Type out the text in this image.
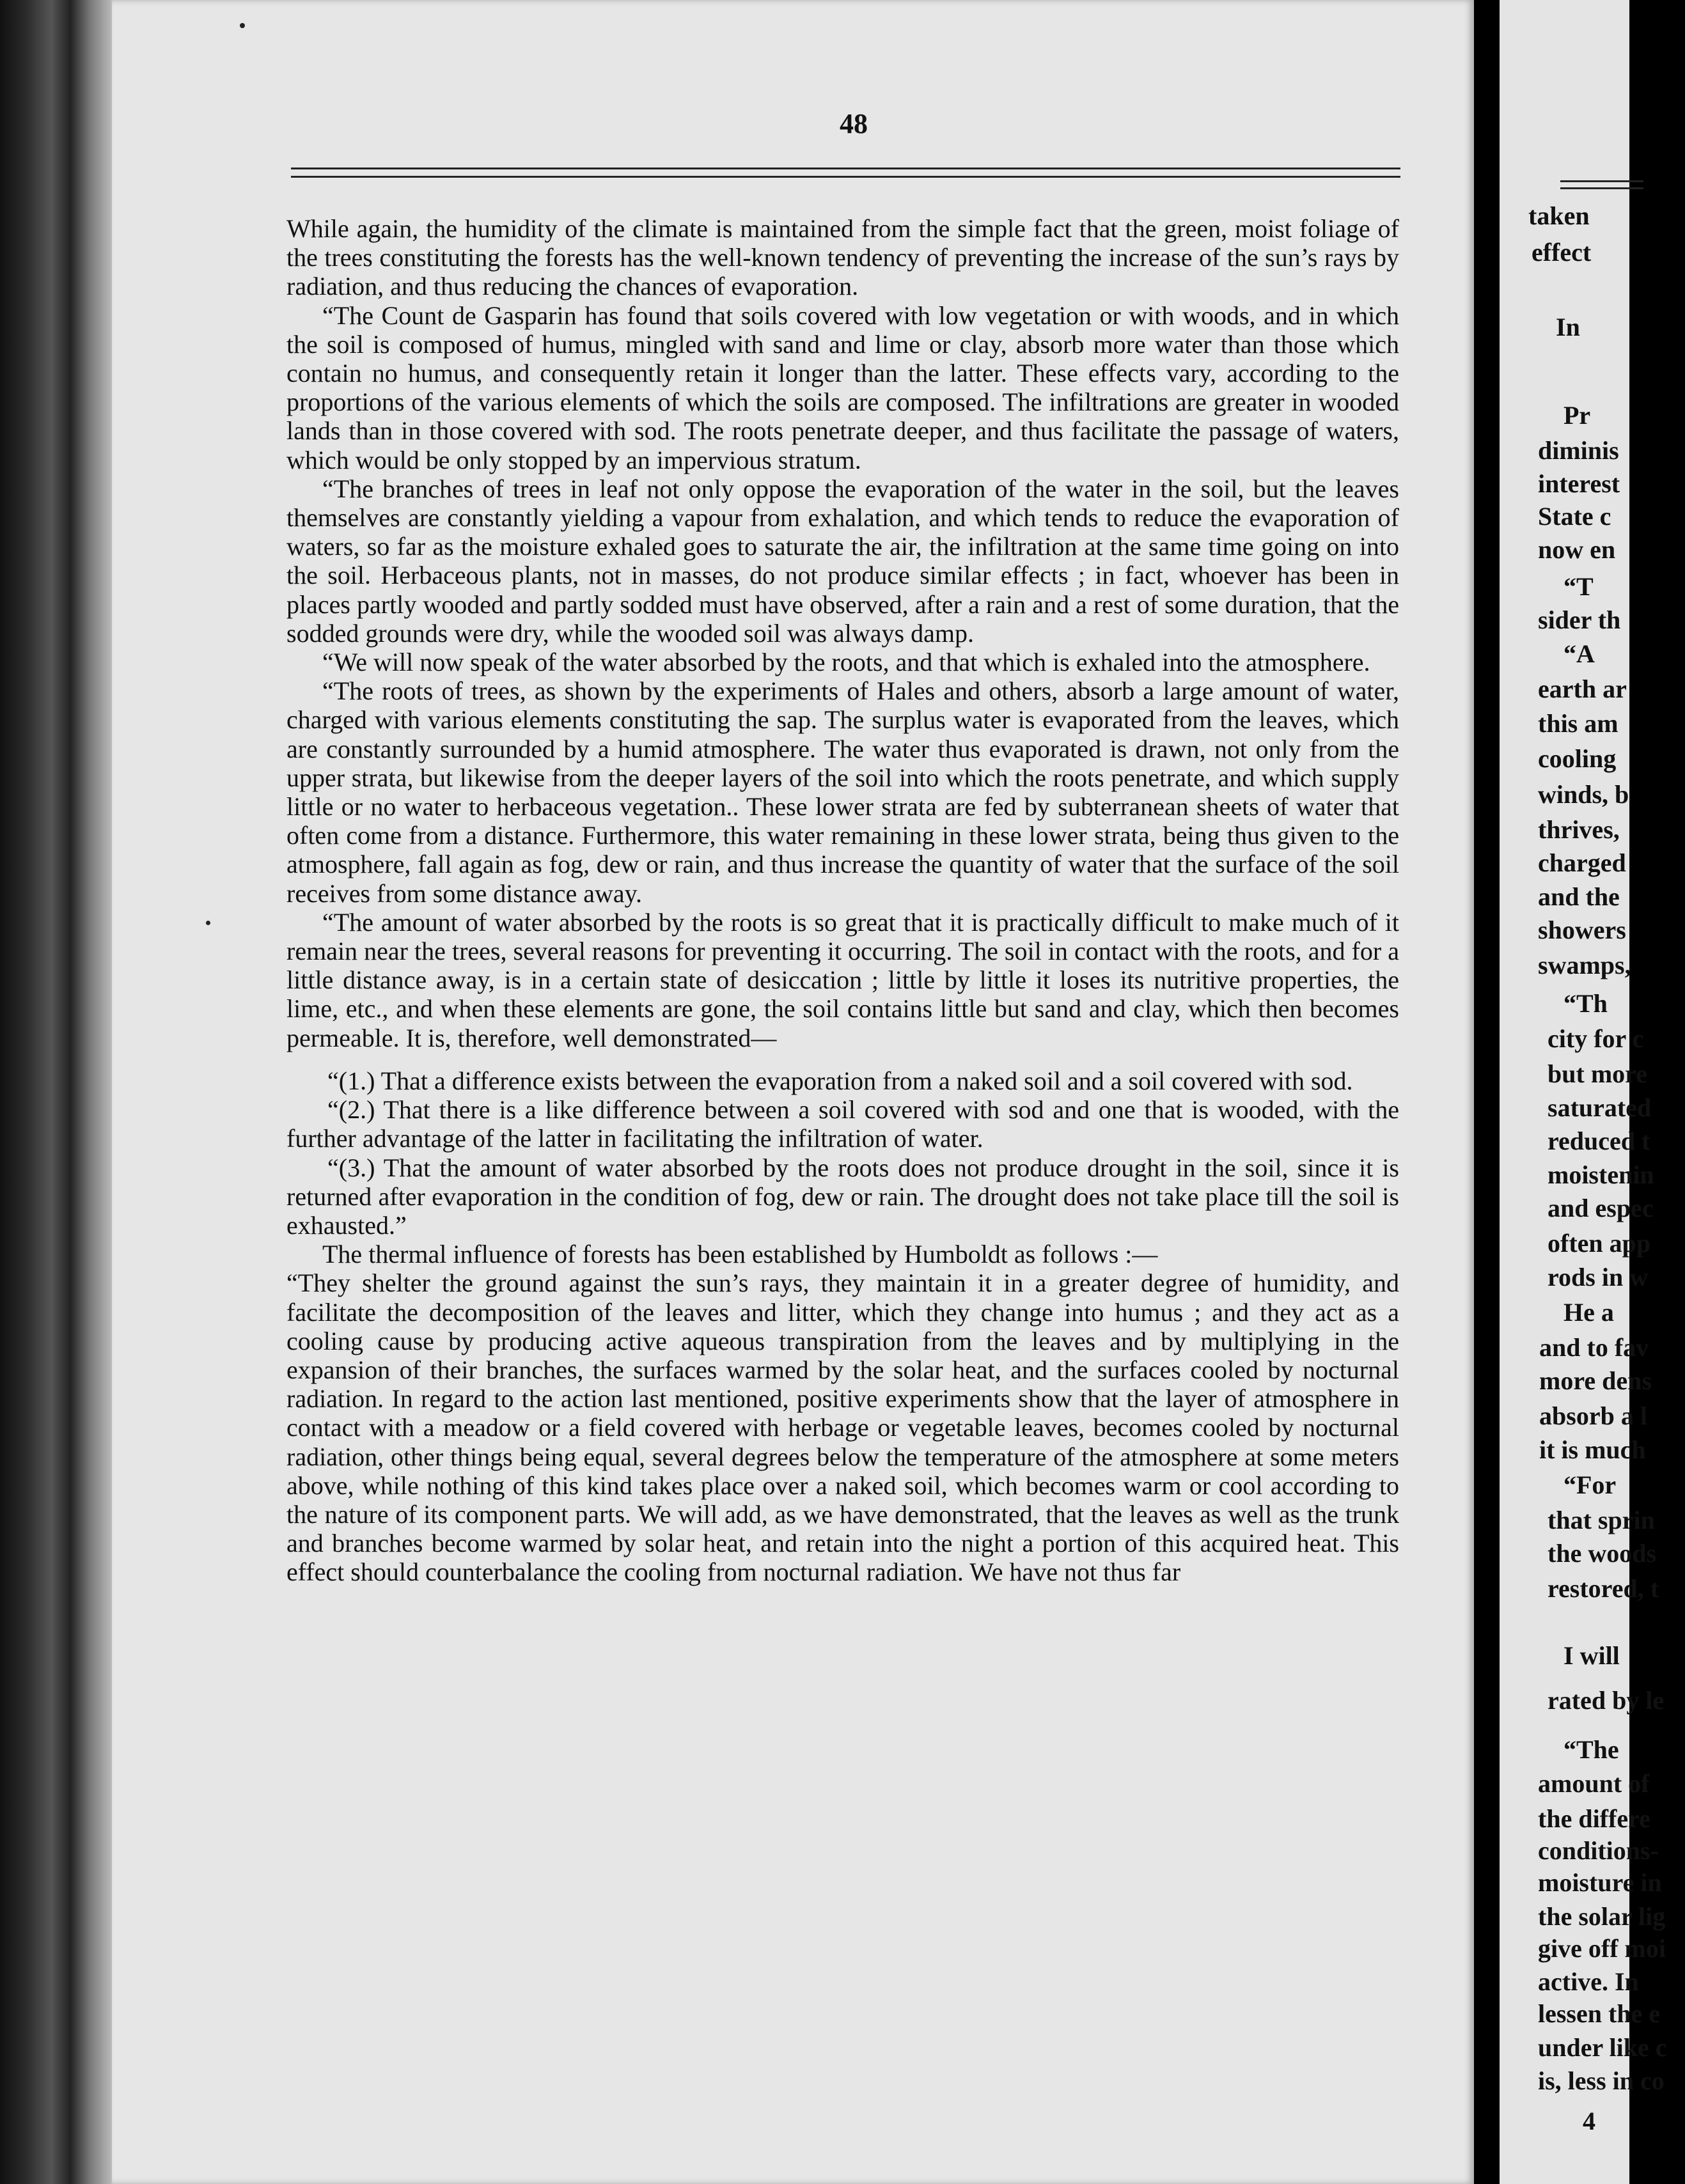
48

While again, the humidity of the climate is maintained from the simple fact that the green, moist foliage of the trees constituting the forests has the well-known tendency of preventing the increase of the sun’s rays by radiation, and thus reducing the chances of evaporation.

“The Count de Gasparin has found that soils covered with low vegetation or with woods, and in which the soil is composed of humus, mingled with sand and lime or clay, absorb more water than those which contain no humus, and consequently retain it longer than the latter. These effects vary, according to the proportions of the various elements of which the soils are composed. The infiltrations are greater in wooded lands than in those covered with sod. The roots penetrate deeper, and thus facilitate the passage of waters, which would be only stopped by an impervious stratum.

“The branches of trees in leaf not only oppose the evaporation of the water in the soil, but the leaves themselves are constantly yielding a vapour from exhalation, and which tends to reduce the evaporation of waters, so far as the moisture exhaled goes to saturate the air, the infiltration at the same time going on into the soil. Herbaceous plants, not in masses, do not produce similar effects ; in fact, whoever has been in places partly wooded and partly sodded must have observed, after a rain and a rest of some duration, that the sodded grounds were dry, while the wooded soil was always damp.

“We will now speak of the water absorbed by the roots, and that which is exhaled into the atmosphere.

“The roots of trees, as shown by the experiments of Hales and others, absorb a large amount of water, charged with various elements constituting the sap. The surplus water is evaporated from the leaves, which are constantly surrounded by a humid atmosphere. The water thus evaporated is drawn, not only from the upper strata, but likewise from the deeper layers of the soil into which the roots penetrate, and which supply little or no water to herbaceous vegetation.. These lower strata are fed by subterranean sheets of water that often come from a distance. Furthermore, this water remaining in these lower strata, being thus given to the atmosphere, fall again as fog, dew or rain, and thus increase the quantity of water that the surface of the soil receives from some distance away.

“The amount of water absorbed by the roots is so great that it is practically difficult to make much of it remain near the trees, several reasons for preventing it occurring. The soil in contact with the roots, and for a little distance away, is in a certain state of desiccation ; little by little it loses its nutritive properties, the lime, etc., and when these elements are gone, the soil contains little but sand and clay, which then becomes permeable. It is, therefore, well demonstrated—

“(1.) That a difference exists between the evaporation from a naked soil and a soil covered with sod.

“(2.) That there is a like difference between a soil covered with sod and one that is wooded, with the further advantage of the latter in facilitating the infiltration of water.

“(3.) That the amount of water absorbed by the roots does not produce drought in the soil, since it is returned after evaporation in the condition of fog, dew or rain. The drought does not take place till the soil is exhausted.”

The thermal influence of forests has been established by Humboldt as follows :—

“They shelter the ground against the sun’s rays, they maintain it in a greater degree of humidity, and facilitate the decomposition of the leaves and litter, which they change into humus ; and they act as a cooling cause by producing active aqueous transpiration from the leaves and by multiplying in the expansion of their branches, the surfaces warmed by the solar heat, and the surfaces cooled by nocturnal radiation. In regard to the action last mentioned, positive experiments show that the layer of atmosphere in contact with a meadow or a field covered with herbage or vegetable leaves, becomes cooled by nocturnal radiation, other things being equal, several degrees below the temperature of the atmosphere at some meters above, while nothing of this kind takes place over a naked soil, which becomes warm or cool according to the nature of its component parts. We will add, as we have demonstrated, that the leaves as well as the trunk and branches become warmed by solar heat, and retain into the night a portion of this acquired heat. This effect should counterbalance the cooling from nocturnal radiation. We have not thus far

taken
effect
In
Pr
diminis
interest
State c
now en
“T
sider th
“A
earth ar
this am
cooling
winds, b
thrives,
charged
and the
showers
swamps,
“Th
city for c
but more
saturated
reduced t
moistenin
and espec
often app
rods in w
He a
and to fav
more dens
absorb a l
it is much
“For
that sprin
the woods
restored, t
I will
rated by le
“The
amount of
the differe
conditions-
moisture in
the solar lig
give off moi
active. In
lessen the e
under like c
is, less in co
4
